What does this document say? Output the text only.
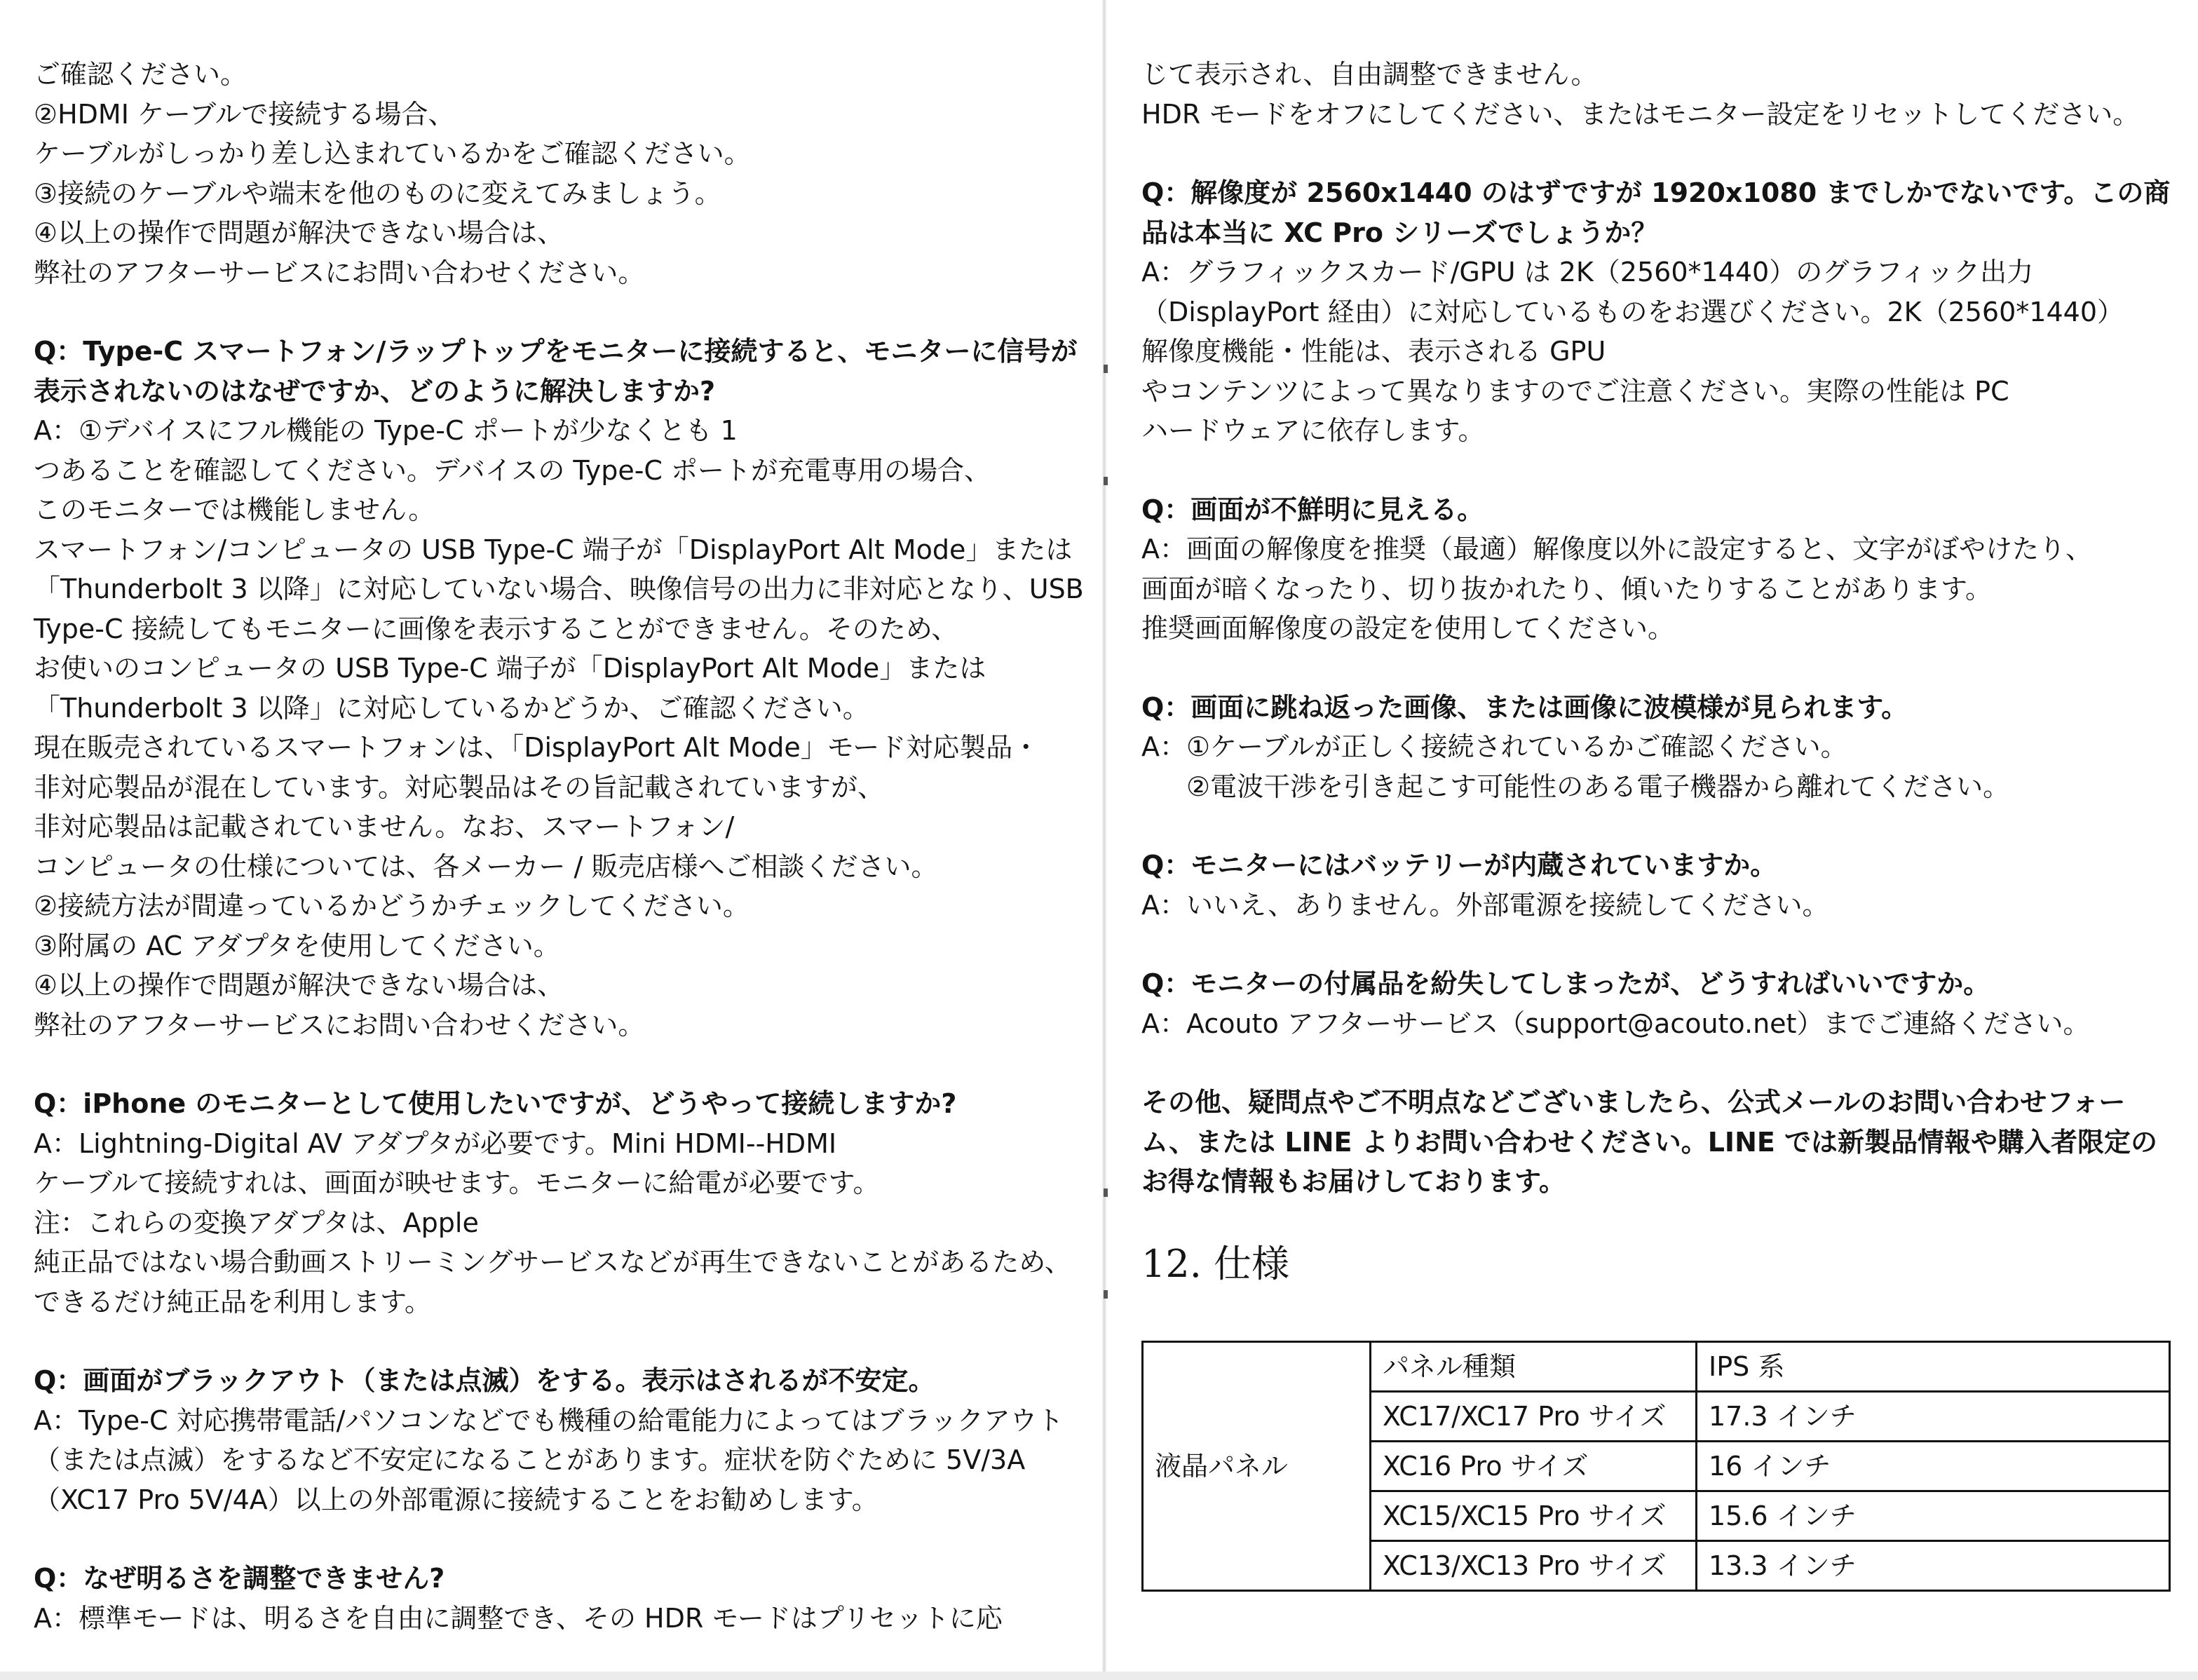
ご確認ください。
②HDMI ケーブルで接続する場合、ケーブルがしっかり差し込まれているかをご確認ください。
③接続のケーブルや端末を他のものに変えてみましょう。
④以上の操作で問題が解決できない場合は、弊社のアフターサービスにお問い合わせください。
Q：Type-C スマートフォン/ラップトップをモニターに接続すると、モニターに信号が表示されないのはなぜですか、どのように解決しますか?
A：①デバイスにフル機能の Type-C ポートが少なくとも 1 つあることを確認してください。デバイスの Type-C ポートが充電専用の場合、このモニターでは機能しません。
スマートフォン/コンピュータの USB Type-C 端子が「DisplayPort Alt Mode」または「Thunderbolt 3 以降」に対応していない場合、映像信号の出力に非対応となり、USB Type-C 接続してもモニターに画像を表示することができません。そのため、お使いのコンピュータの USB Type-C 端子が「DisplayPort Alt Mode」または「Thunderbolt 3 以降」に対応しているかどうか、ご確認ください。
現在販売されているスマートフォンは、「DisplayPort Alt Mode」モード対応製品・非対応製品が混在しています。対応製品はその旨記載されていますが、非対応製品は記載されていません。なお、スマートフォン/コンピュータの仕様については、各メーカー / 販売店様へご相談ください。
②接続方法が間違っているかどうかチェックしてください。
③附属の AC アダプタを使用してください。
④以上の操作で問題が解決できない場合は、弊社のアフターサービスにお問い合わせください。
Q：iPhone のモニターとして使用したいですが、どうやって接続しますか?
A：Lightning-Digital AV アダプタが必要です。Mini HDMI--HDMI ケーブルて接続すれは、画面が映せます。モニターに給電が必要です。
注：これらの変換アダプタは、Apple 純正品ではない場合動画ストリーミングサービスなどが再生できないことがあるため、できるだけ純正品を利用します。
Q：画面がブラックアウト（または点滅）をする。表示はされるが不安定。
A：Type-C 対応携帯電話/パソコンなどでも機種の給電能力によってはブラックアウト（または点滅）をするなど不安定になることがあります。症状を防ぐために 5V/3A（XC17 Pro 5V/4A）以上の外部電源に接続することをお勧めします。
Q：なぜ明るさを調整できません?
A：標準モードは、明るさを自由に調整でき、その HDR モードはプリセットに応
じて表示され、自由調整できません。
HDR モードをオフにしてください、またはモニター設定をリセットしてください。
Q：解像度が 2560x1440 のはずですが 1920x1080 までしかでないです。この商品は本当に XC Pro シリーズでしょうか？
A：グラフィックスカード/GPU は 2K（2560*1440）のグラフィック出力（DisplayPort 経由）に対応しているものをお選びください。2K（2560*1440）解像度機能・性能は、表示される GPU やコンテンツによって異なりますのでご注意ください。実際の性能は PC ハードウェアに依存します。
Q：画面が不鮮明に見える。
A：画面の解像度を推奨（最適）解像度以外に設定すると、文字がぼやけたり、画面が暗くなったり、切り抜かれたり、傾いたりすることがあります。推奨画面解像度の設定を使用してください。
Q：画面に跳ね返った画像、または画像に波模様が見られます。
A：①ケーブルが正しく接続されているかご確認ください。
②電波干渉を引き起こす可能性のある電子機器から離れてください。
Q：モニターにはバッテリーが内蔵されていますか。
A：いいえ、ありません。外部電源を接続してください。
Q：モニターの付属品を紛失してしまったが、どうすればいいですか。
A：Acouto アフターサービス（support@acouto.net）までご連絡ください。
その他、疑問点やご不明点などございましたら、公式メールのお問い合わせフォーム、または LINE よりお問い合わせください。LINE では新製品情報や購入者限定のお得な情報もお届けしております。
12. 仕様
液晶パネル	パネル種類	IPS 系
	XC17/XC17 Pro サイズ	17.3 インチ
	XC16 Pro サイズ	16 インチ
	XC15/XC15 Pro サイズ	15.6 インチ
	XC13/XC13 Pro サイズ	13.3 インチ
